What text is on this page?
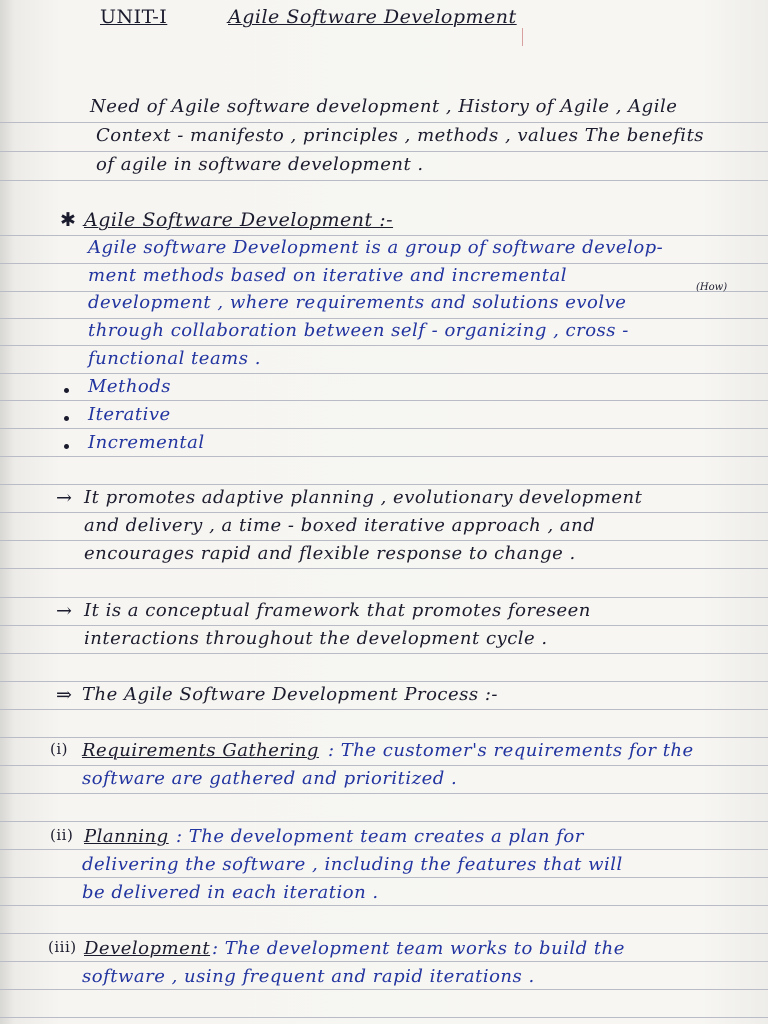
UNIT-I	Agile Software Development
Need of Agile software development , History of Agile , Agile
Context - manifesto , principles , methods , values The benefits
of agile in software development .
✱ Agile Software Development :-
Agile software Development is a group of software develop-
ment methods based on iterative and incremental
(How)
development , where requirements and solutions evolve
through collaboration between self - organizing , cross -
functional teams .
Methods
Iterative
Incremental
→ It promotes adaptive planning , evolutionary development
and delivery , a time - boxed iterative approach , and
encourages rapid and flexible response to change .
→ It is a conceptual framework that promotes foreseen
interactions throughout the development cycle .
⇒ The Agile Software Development Process :-
(i) Requirements Gathering : The customer's requirements for the
software are gathered and prioritized .
(ii) Planning : The development team creates a plan for
delivering the software , including the features that will
be delivered in each iteration .
(iii) Development : The development team works to build the
software , using frequent and rapid iterations .
